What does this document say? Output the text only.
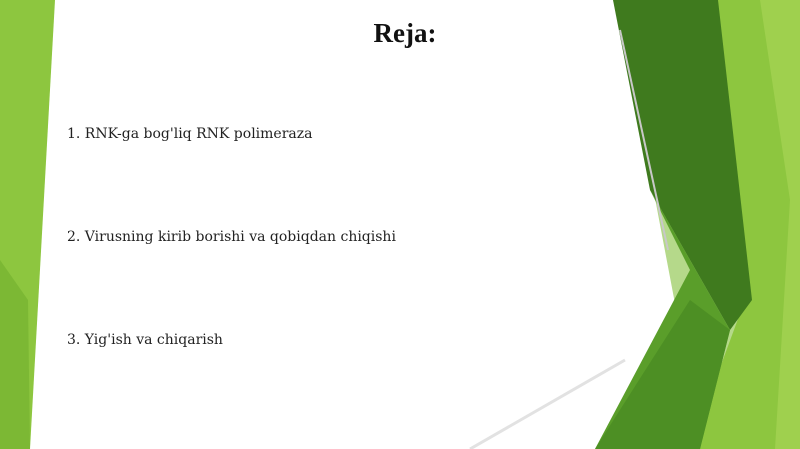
Reja:
1. RNK-ga bog'liq RNK polimeraza
2. Virusning kirib borishi va qobiqdan chiqishi
3. Yig'ish va chiqarish
